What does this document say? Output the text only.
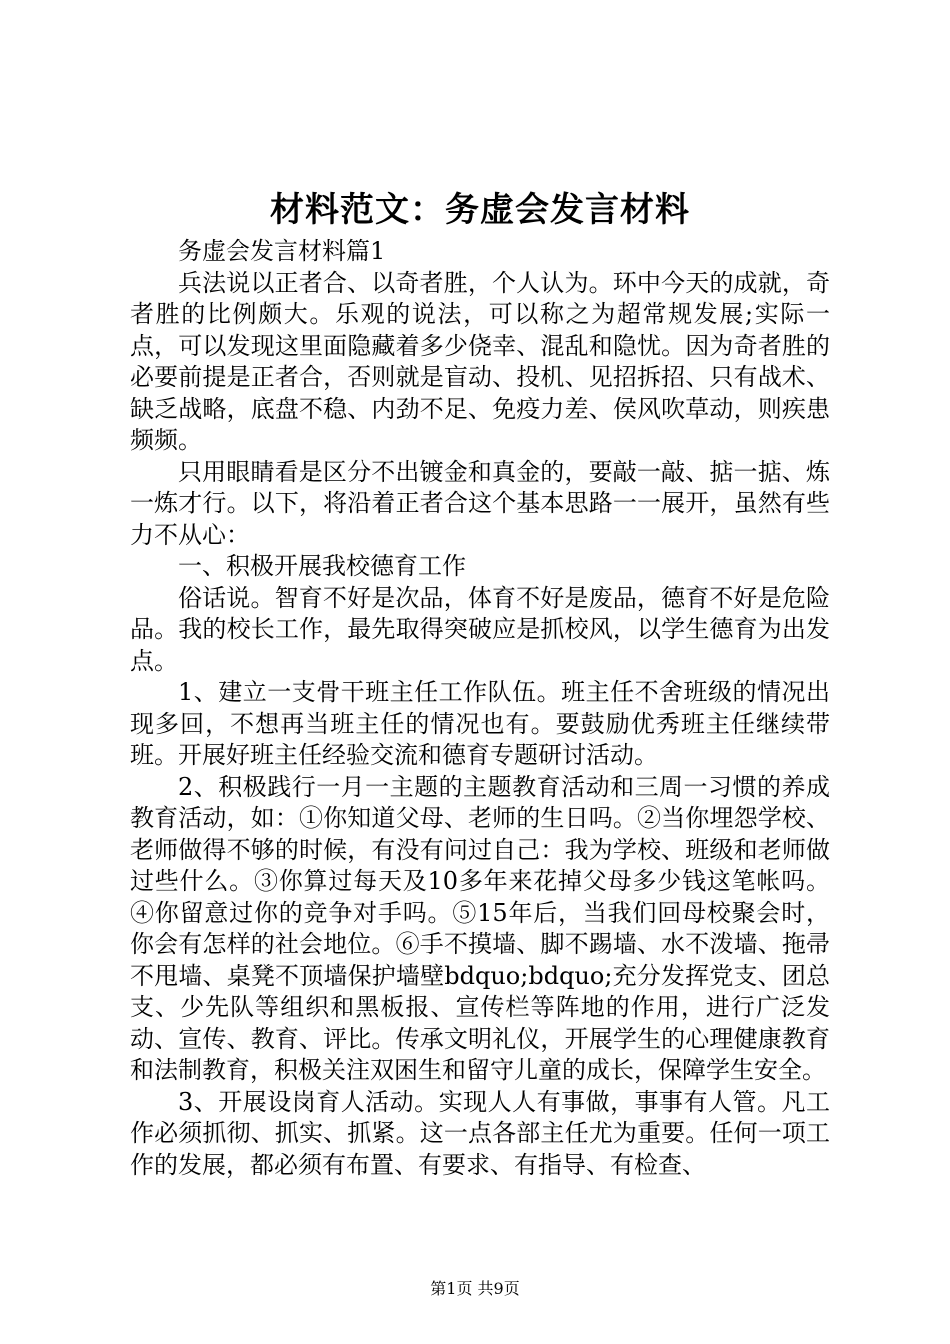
材料范文：务虚会发言材料

务虚会发言材料篇1

兵法说以正者合、以奇者胜，个人认为。环中今天的成就，奇者胜的比例颇大。乐观的说法，可以称之为超常规发展;实际一点，可以发现这里面隐藏着多少侥幸、混乱和隐忧。因为奇者胜的必要前提是正者合，否则就是盲动、投机、见招拆招、只有战术、缺乏战略，底盘不稳、内劲不足、免疫力差、侯风吹草动，则疾患频频。

只用眼睛看是区分不出镀金和真金的，要敲一敲、掂一掂、炼一炼才行。以下，将沿着正者合这个基本思路一一展开，虽然有些力不从心：

一、积极开展我校德育工作

俗话说。智育不好是次品，体育不好是废品，德育不好是危险品。我的校长工作，最先取得突破应是抓校风，以学生德育为出发点。

1、建立一支骨干班主任工作队伍。班主任不舍班级的情况出现多回，不想再当班主任的情况也有。要鼓励优秀班主任继续带班。开展好班主任经验交流和德育专题研讨活动。

2、积极践行一月一主题的主题教育活动和三周一习惯的养成教育活动，如：①你知道父母、老师的生日吗。②当你埋怨学校、老师做得不够的时候，有没有问过自己：我为学校、班级和老师做过些什么。③你算过每天及10多年来花掉父母多少钱这笔帐吗。④你留意过你的竞争对手吗。⑤15年后，当我们回母校聚会时，你会有怎样的社会地位。⑥手不摸墙、脚不踢墙、水不泼墙、拖帚不甩墙、桌凳不顶墙保护墙壁bdquo;bdquo;充分发挥党支、团总支、少先队等组织和黑板报、宣传栏等阵地的作用，进行广泛发动、宣传、教育、评比。传承文明礼仪，开展学生的心理健康教育和法制教育，积极关注双困生和留守儿童的成长，保障学生安全。

3、开展设岗育人活动。实现人人有事做，事事有人管。凡工作必须抓彻、抓实、抓紧。这一点各部主任尤为重要。任何一项工作的发展，都必须有布置、有要求、有指导、有检查、

第1页 共9页
